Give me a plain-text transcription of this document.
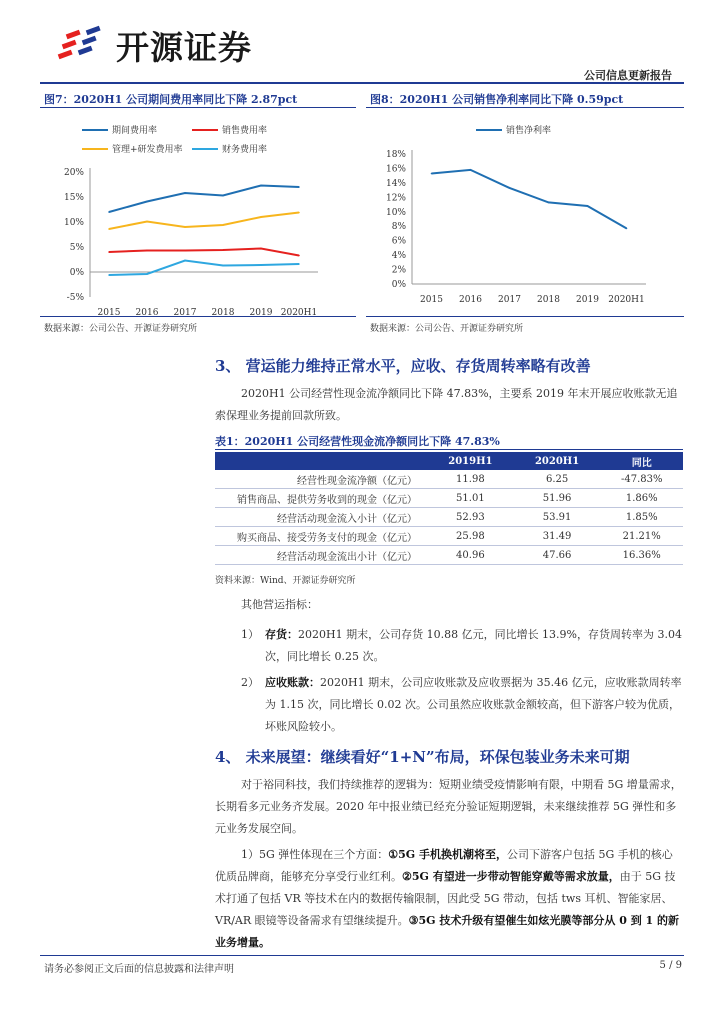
开源证券
公司信息更新报告
图7：2020H1 公司期间费用率同比下降 2.87pct
期间费用率	销售费用率
管理+研发费用率	财务费用率
20%
15%
10%
5%
0%
-5%
2015 2016 2017 2018 2019 2020H1
数据来源：公司公告、开源证券研究所
图8：2020H1 公司销售净利率同比下降 0.59pct
销售净利率
18%
16%
14%
12%
10%
8%
6%
4%
2%
0%
2015 2016 2017 2018 2019 2020H1
数据来源：公司公告、开源证券研究所
3、 营运能力维持正常水平，应收、存货周转率略有改善
2020H1 公司经营性现金流净额同比下降 47.83%，主要系 2019 年末开展应收账款无追索保理业务提前回款所致。
表1：2020H1 公司经营性现金流净额同比下降 47.83%
	2019H1	2020H1	同比
经营性现金流净额（亿元）	11.98	6.25	-47.83%
销售商品、提供劳务收到的现金（亿元）	51.01	51.96	1.86%
经营活动现金流入小计（亿元）	52.93	53.91	1.85%
购买商品、接受劳务支付的现金（亿元）	25.98	31.49	21.21%
经营活动现金流出小计（亿元）	40.96	47.66	16.36%
资料来源：Wind、开源证券研究所
其他营运指标：
1） 存货：2020H1 期末，公司存货 10.88 亿元，同比增长 13.9%，存货周转率为 3.04 次，同比增长 0.25 次。
2） 应收账款：2020H1 期末，公司应收账款及应收票据为 35.46 亿元，应收账款周转率为 1.15 次，同比增长 0.02 次。公司虽然应收账款金额较高，但下游客户较为优质，坏账风险较小。
4、 未来展望：继续看好“1+N”布局，环保包装业务未来可期
对于裕同科技，我们持续推荐的逻辑为：短期业绩受疫情影响有限，中期看 5G 增量需求，长期看多元业务齐发展。2020 年中报业绩已经充分验证短期逻辑，未来继续推荐 5G 弹性和多元业务发展空间。
1）5G 弹性体现在三个方面：①5G 手机换机潮将至，公司下游客户包括 5G 手机的核心优质品牌商，能够充分享受行业红利。②5G 有望进一步带动智能穿戴等需求放量，由于 5G 技术打通了包括 VR 等技术在内的数据传输限制，因此受 5G 带动，包括 tws 耳机、智能家居、VR/AR 眼镜等设备需求有望继续提升。③5G 技术升级有望催生如炫光膜等部分从 0 到 1 的新业务增量。
请务必参阅正文后面的信息披露和法律声明	5 / 9
